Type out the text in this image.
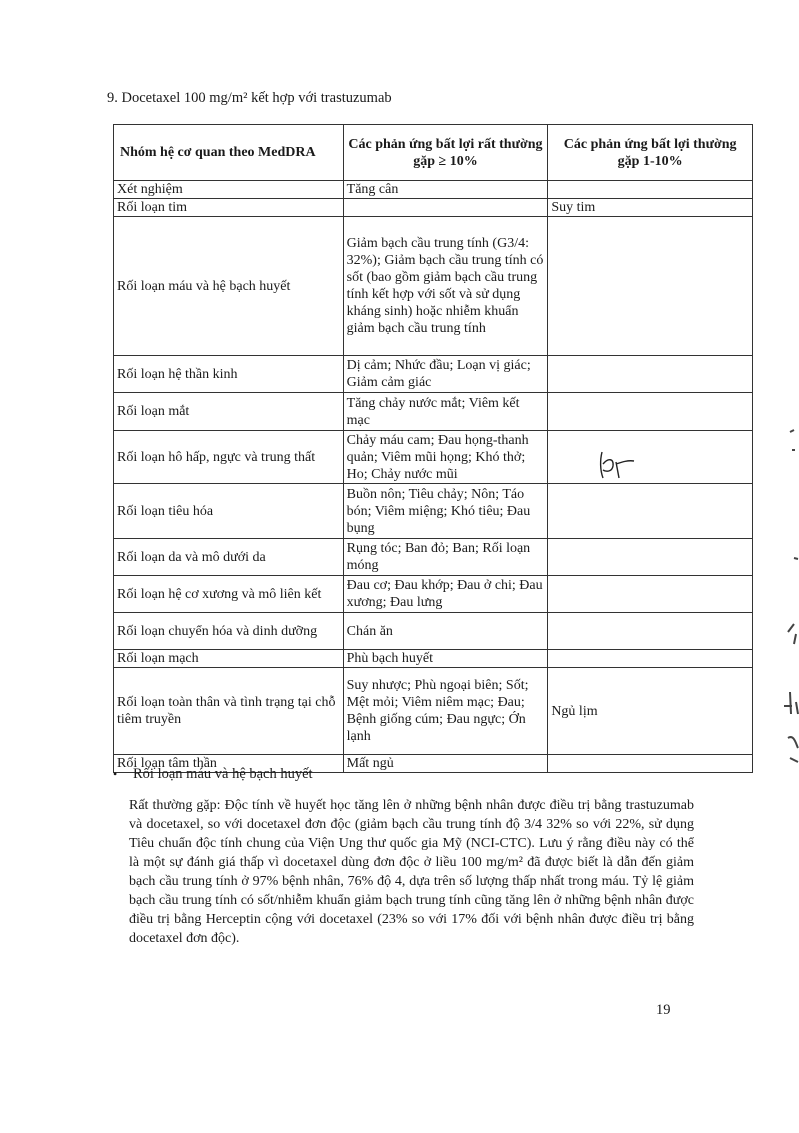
9. Docetaxel 100 mg/m² kết hợp với trastuzumab
Nhóm hệ cơ quan theo MedDRA	Các phản ứng bất lợi rất thường gặp ≥ 10%	Các phản ứng bất lợi thường gặp 1-10%
Xét nghiệm	Tăng cân	
Rối loạn tim		Suy tim
Rối loạn máu và hệ bạch huyết	Giảm bạch cầu trung tính (G3/4: 32%); Giảm bạch cầu trung tính có sốt (bao gồm giảm bạch cầu trung tính kết hợp với sốt và sử dụng kháng sinh) hoặc nhiễm khuẩn giảm bạch cầu trung tính	
Rối loạn hệ thần kinh	Dị cảm; Nhức đầu; Loạn vị giác; Giảm cảm giác	
Rối loạn mắt	Tăng chảy nước mắt; Viêm kết mạc	
Rối loạn hô hấp, ngực và trung thất	Chảy máu cam; Đau họng-thanh quản; Viêm mũi họng; Khó thở; Ho; Chảy nước mũi	
Rối loạn tiêu hóa	Buồn nôn; Tiêu chảy; Nôn; Táo bón; Viêm miệng; Khó tiêu; Đau bụng	
Rối loạn da và mô dưới da	Rụng tóc; Ban đỏ; Ban; Rối loạn móng	
Rối loạn hệ cơ xương và mô liên kết	Đau cơ; Đau khớp; Đau ở chi; Đau xương; Đau lưng	
Rối loạn chuyển hóa và dinh dưỡng	Chán ăn	
Rối loạn mạch	Phù bạch huyết	
Rối loạn toàn thân và tình trạng tại chỗ tiêm truyền	Suy nhược; Phù ngoại biên; Sốt; Mệt mỏi; Viêm niêm mạc; Đau; Bệnh giống cúm; Đau ngực; Ớn lạnh	Ngủ lịm
Rối loạn tâm thần	Mất ngủ	
• Rối loạn máu và hệ bạch huyết
Rất thường gặp: Độc tính về huyết học tăng lên ở những bệnh nhân được điều trị bằng trastuzumab và docetaxel, so với docetaxel đơn độc (giảm bạch cầu trung tính độ 3/4 32% so với 22%, sử dụng Tiêu chuẩn độc tính chung của Viện Ung thư quốc gia Mỹ (NCI-CTC). Lưu ý rằng điều này có thể là một sự đánh giá thấp vì docetaxel dùng đơn độc ở liều 100 mg/m² đã được biết là dẫn đến giảm bạch cầu trung tính ở 97% bệnh nhân, 76% độ 4, dựa trên số lượng thấp nhất trong máu. Tỷ lệ giảm bạch cầu trung tính có sốt/nhiễm khuẩn giảm bạch trung tính cũng tăng lên ở những bệnh nhân được điều trị bằng Herceptin cộng với docetaxel (23% so với 17% đối với bệnh nhân được điều trị bằng docetaxel đơn độc).
19
